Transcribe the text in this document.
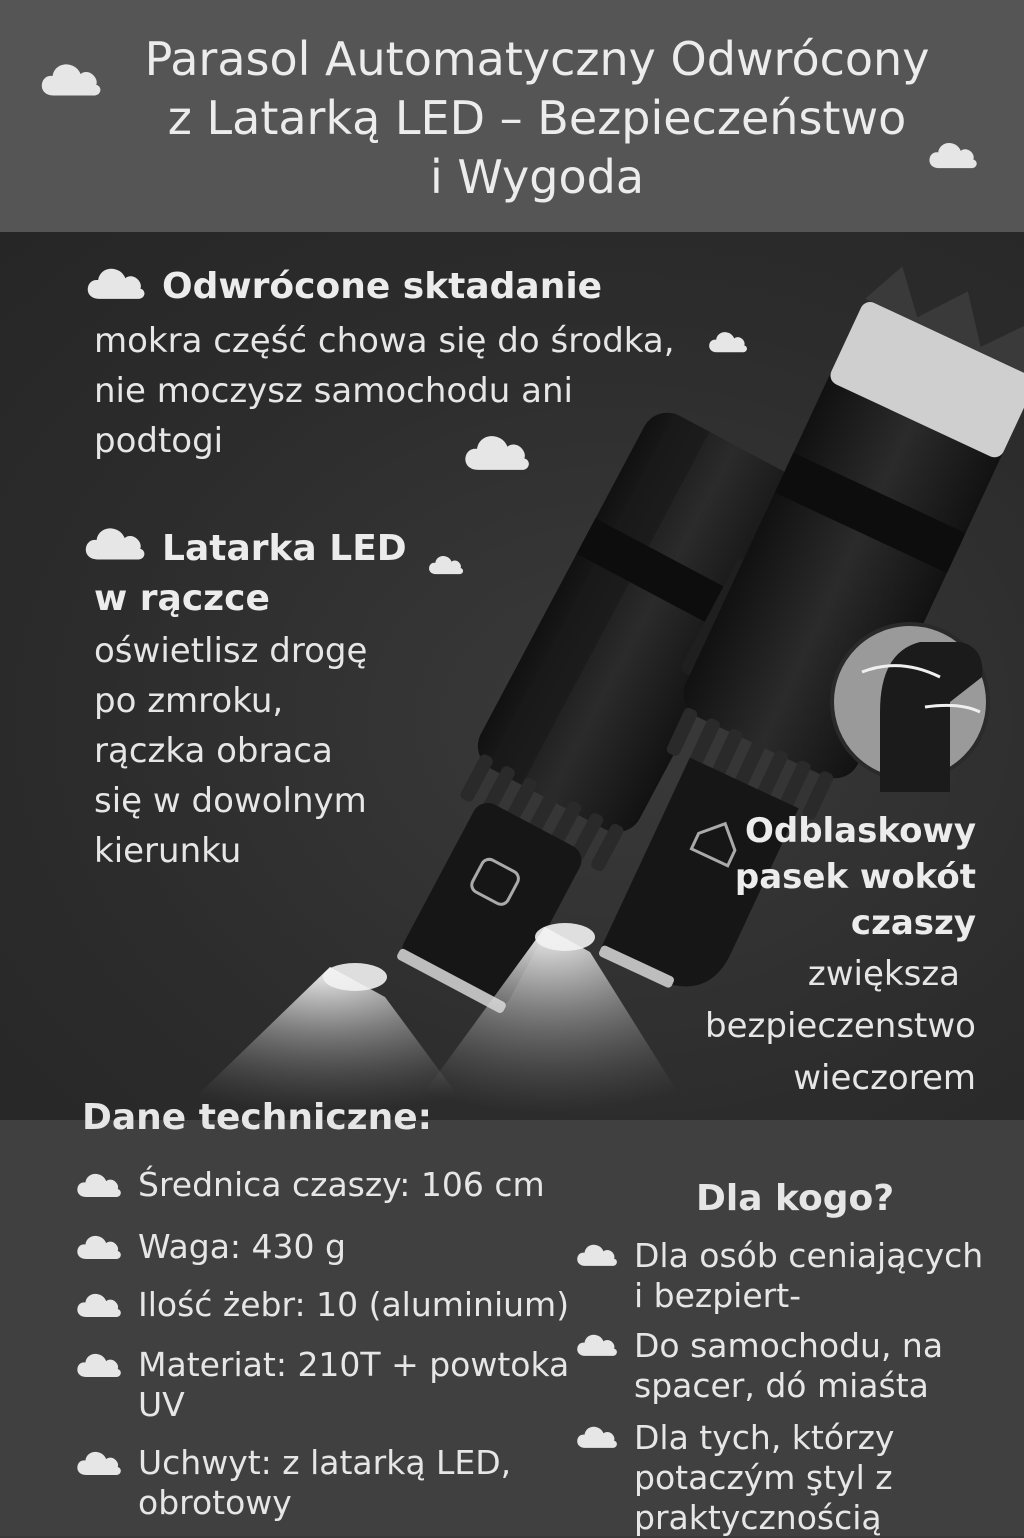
Parasol Automatyczny Odwrócony
z Latarką LED – Bezpieczeństwo
i Wygoda
Odwrócone sktadanie
mokra część chowa się do środka,
nie moczysz samochodu ani
podtogi
Latarka LED
w rączce
oświetlisz drogę
po zmroku,
rączka obraca
się w dowolnym
kierunku	Odblaskowy
pasek wokót
czaszy
zwiększa
bezpieczenstwo
wieczorem
Dane techniczne:
Średnica czaszy: 106 cm
Waga: 430 g
Ilość żebr: 10 (aluminium)
Materiat: 210T + powtoka
UV
Uchwyt: z latarką LED,
obrotowy
Dla kogo?
Dla osób ceniających
i bezpiert-
Do samochodu, na
spacer, dó miaśta
Dla tych, którzy
potaczým ştyl z
praktycznością
